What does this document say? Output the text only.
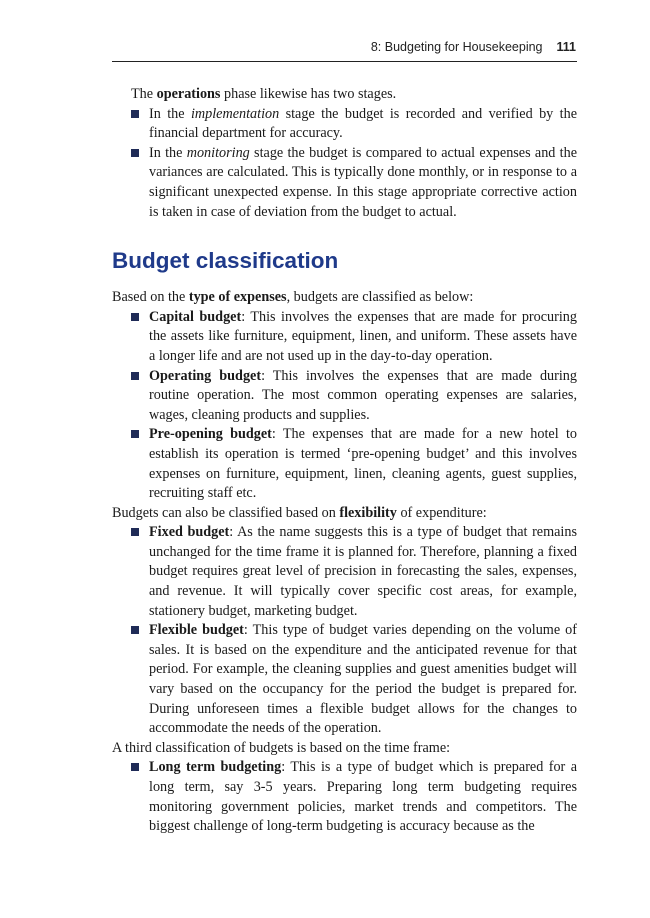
8: Budgeting for Housekeeping 111

The operations phase likewise has two stages.

In the implementation stage the budget is recorded and verified by the financial department for accuracy.
In the monitoring stage the budget is compared to actual expenses and the variances are calculated. This is typically done monthly, or in response to a significant unexpected expense. In this stage appropriate corrective action is taken in case of deviation from the budget to actual.
Budget classification

Based on the type of expenses, budgets are classified as below:

Capital budget: This involves the expenses that are made for procuring the assets like furniture, equipment, linen, and uniform. These assets have a longer life and are not used up in the day-to-day operation.
Operating budget: This involves the expenses that are made during routine operation. The most common operating expenses are salaries, wages, cleaning products and supplies.
Pre-opening budget: The expenses that are made for a new hotel to establish its operation is termed ‘pre-opening budget’ and this involves expenses on furniture, equipment, linen, cleaning agents, guest supplies, recruiting staff etc.

Budgets can also be classified based on flexibility of expenditure:

Fixed budget: As the name suggests this is a type of budget that remains unchanged for the time frame it is planned for. Therefore, planning a fixed budget requires great level of precision in forecasting the sales, expenses, and revenue. It will typically cover specific cost areas, for example, stationery budget, marketing budget.
Flexible budget: This type of budget varies depending on the volume of sales. It is based on the expenditure and the anticipated revenue for that period. For example, the cleaning supplies and guest amenities budget will vary based on the occupancy for the period the budget is prepared for. During unforeseen times a flexible budget allows for the changes to accommodate the needs of the operation.

A third classification of budgets is based on the time frame:

Long term budgeting: This is a type of budget which is prepared for a long term, say 3-5 years. Preparing long term budgeting requires monitoring government policies, market trends and competitors. The biggest challenge of long-term budgeting is accuracy because as the
